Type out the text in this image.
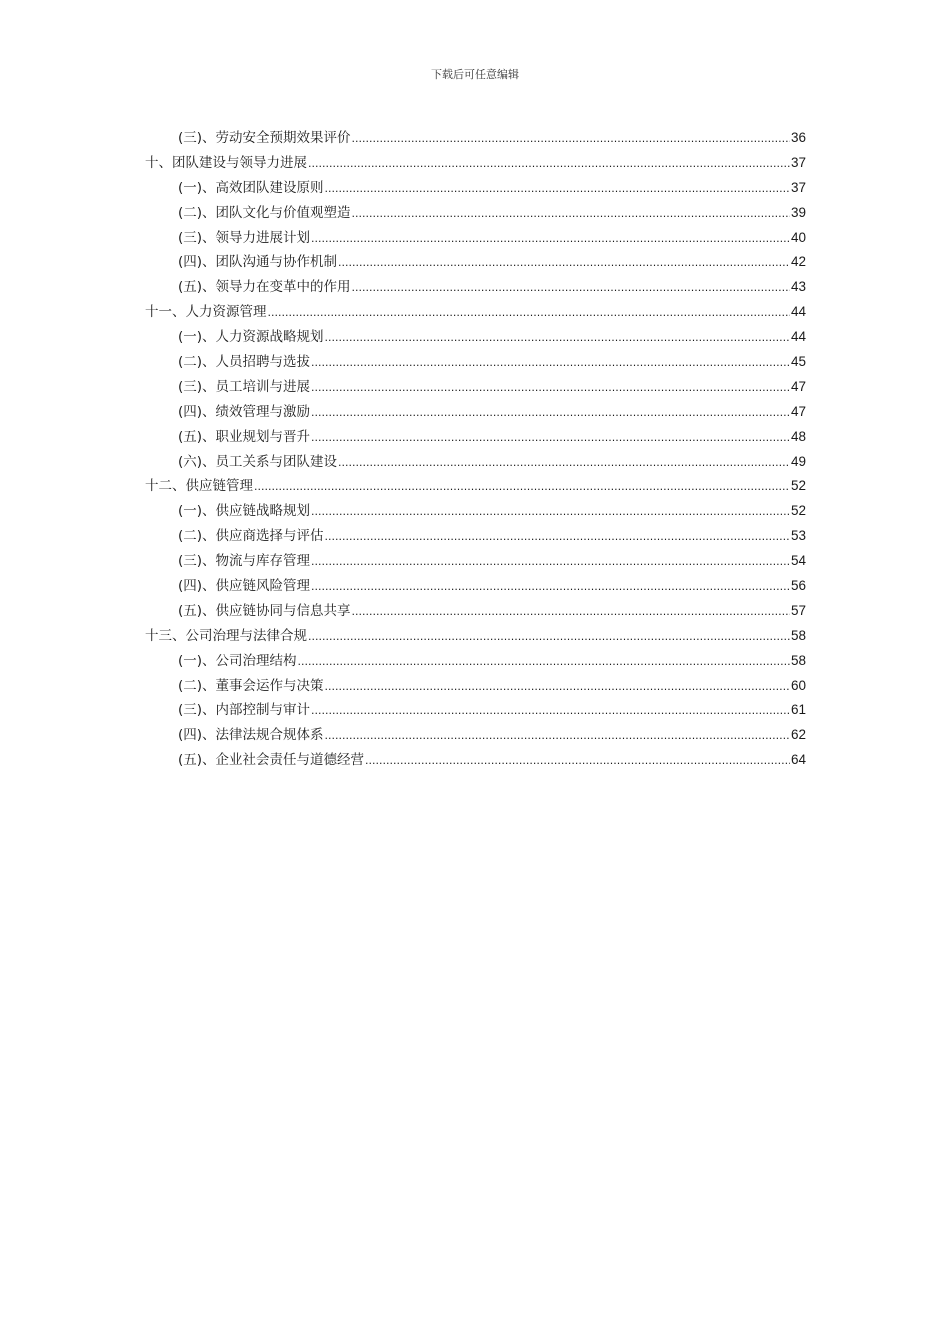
下载后可任意编辑
(三)、劳动安全预期效果评价 .....	36
十、团队建设与领导力进展 .....	37
(一)、高效团队建设原则 .....	37
(二)、团队文化与价值观塑造 .....	39
(三)、领导力进展计划 .....	40
(四)、团队沟通与协作机制 .....	42
(五)、领导力在变革中的作用 .....	43
十一、人力资源管理 .....	44
(一)、人力资源战略规划 .....	44
(二)、人员招聘与选拔 .....	45
(三)、员工培训与进展 .....	47
(四)、绩效管理与激励 .....	47
(五)、职业规划与晋升 .....	48
(六)、员工关系与团队建设 .....	49
十二、供应链管理 .....	52
(一)、供应链战略规划 .....	52
(二)、供应商选择与评估 .....	53
(三)、物流与库存管理 .....	54
(四)、供应链风险管理 .....	56
(五)、供应链协同与信息共享 .....	57
十三、公司治理与法律合规 .....	58
(一)、公司治理结构 .....	58
(二)、董事会运作与决策 .....	60
(三)、内部控制与审计 .....	61
(四)、法律法规合规体系 .....	62
(五)、企业社会责任与道德经营 .....	64
